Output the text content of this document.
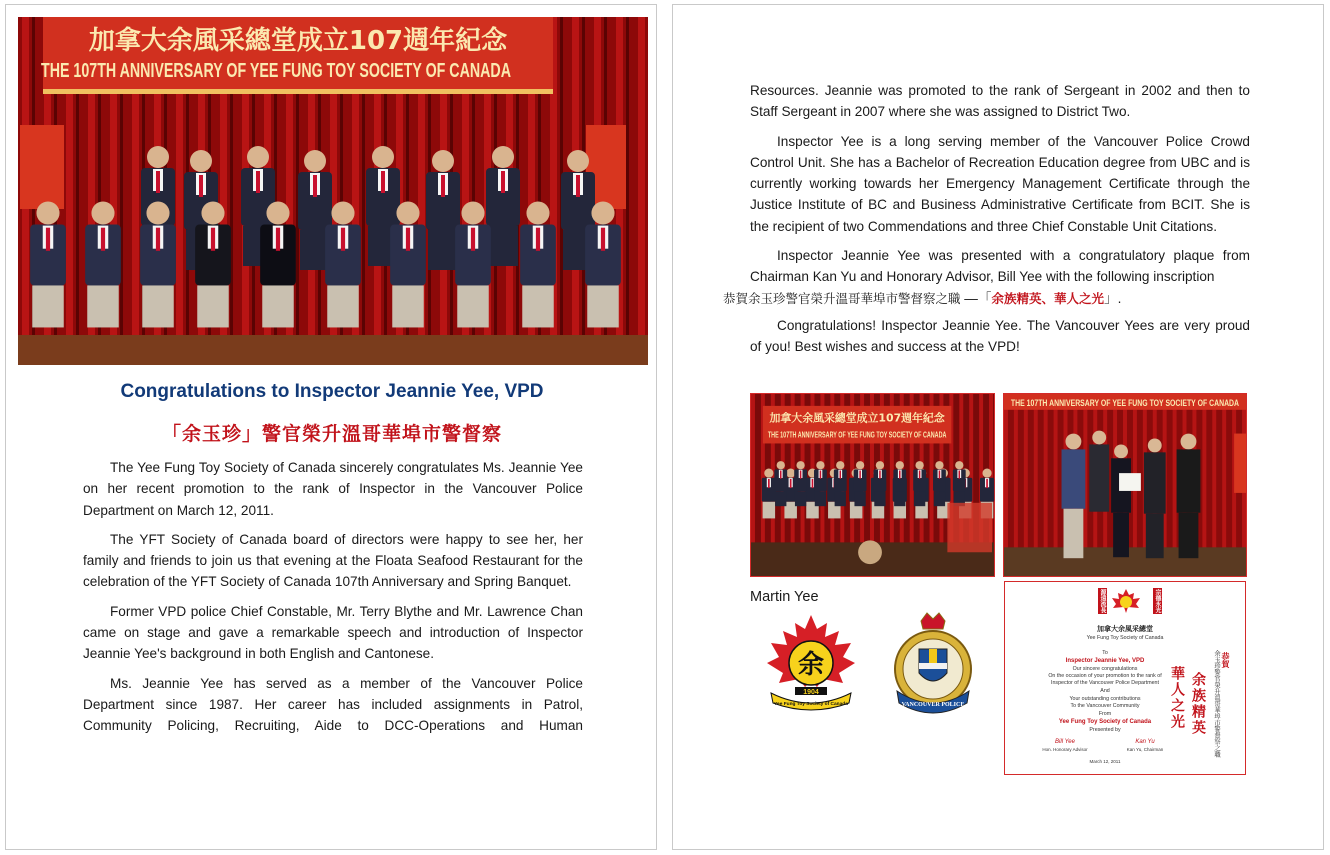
加拿大余風采總堂成立107週年紀念
THE 107TH ANNIVERSARY OF YEE FUNG TOY SOCIETY OF CANADA
Congratulations to Inspector Jeannie Yee, VPD
「余玉珍」警官榮升溫哥華埠市警督察

The Yee Fung Toy Society of Canada sincerely congratulates Ms. Jeannie Yee on her recent promotion to the rank of Inspector in the Vancouver Police Department on March 12, 2011.

The YFT Society of Canada board of directors were happy to see her, her family and friends to join us that evening at the Floata Seafood Restaurant for the celebration of the YFT Society of Canada 107th Anniversary and Spring Banquet.

Former VPD police Chief Constable, Mr. Terry Blythe and Mr. Lawrence Chan came on stage and gave a remarkable speech and introduction of Inspector Jeannie Yee's background in both English and Cantonese.

Ms. Jeannie Yee has served as a member of the Vancouver Police Department since 1987. Her career has included assignments in Patrol, Community Policing, Recruiting, Aide to DCC-Operations and Human

Resources. Jeannie was promoted to the rank of Sergeant in 2002 and then to Staff Sergeant in 2007 where she was assigned to District Two.

Inspector Yee is a long serving member of the Vancouver Police Crowd Control Unit. She has a Bachelor of Recreation Education degree from UBC and is currently working towards her Emergency Management Certificate through the Justice Institute of BC and Business Administrative Certificate from BCIT. She is the recipient of two Commendations and three Chief Constable Unit Citations.

Inspector Jeannie Yee was presented with a congratulatory plaque from Chairman Kan Yu and Honorary Advisor, Bill Yee with the following inscription
恭賀余玉珍警官榮升溫哥華埠市警督察之職 —「余族精英、華人之光」.

Congratulations! Inspector Jeannie Yee. The Vancouver Yees are very proud of you! Best wishes and success at the VPD!

加拿大余風采總堂成立107週年紀念
THE 107TH ANNIVERSARY OF YEE FUNG TOY SOCIETY OF CANADA
THE 107TH ANNIVERSARY OF YEE FUNG TOY SOCIETY OF CANADA
Martin Yee
余
1904
Yee Fung Toy Society of Canada	VANCOUVER POLICE
源遠流長	宗德永光
加拿大余風采總堂
Yee Fung Toy Society of Canada
To
Inspector Jeannie Yee, VPD
Our sincere congratulations
On the occasion of your promotion to the rank of
Inspector of the Vancouver Police Department
And
Your outstanding contributions
To the Vancouver Community
From
Yee Fung Toy Society of Canada
Presented by
Bill Yee	Kan Yu
Hon. Honorary Advisor	Kan Yu, Chairman
March 12, 2011
余族精英
華人之光	余玉珍警官榮升溫哥華埠市警督察之職 恭賀
